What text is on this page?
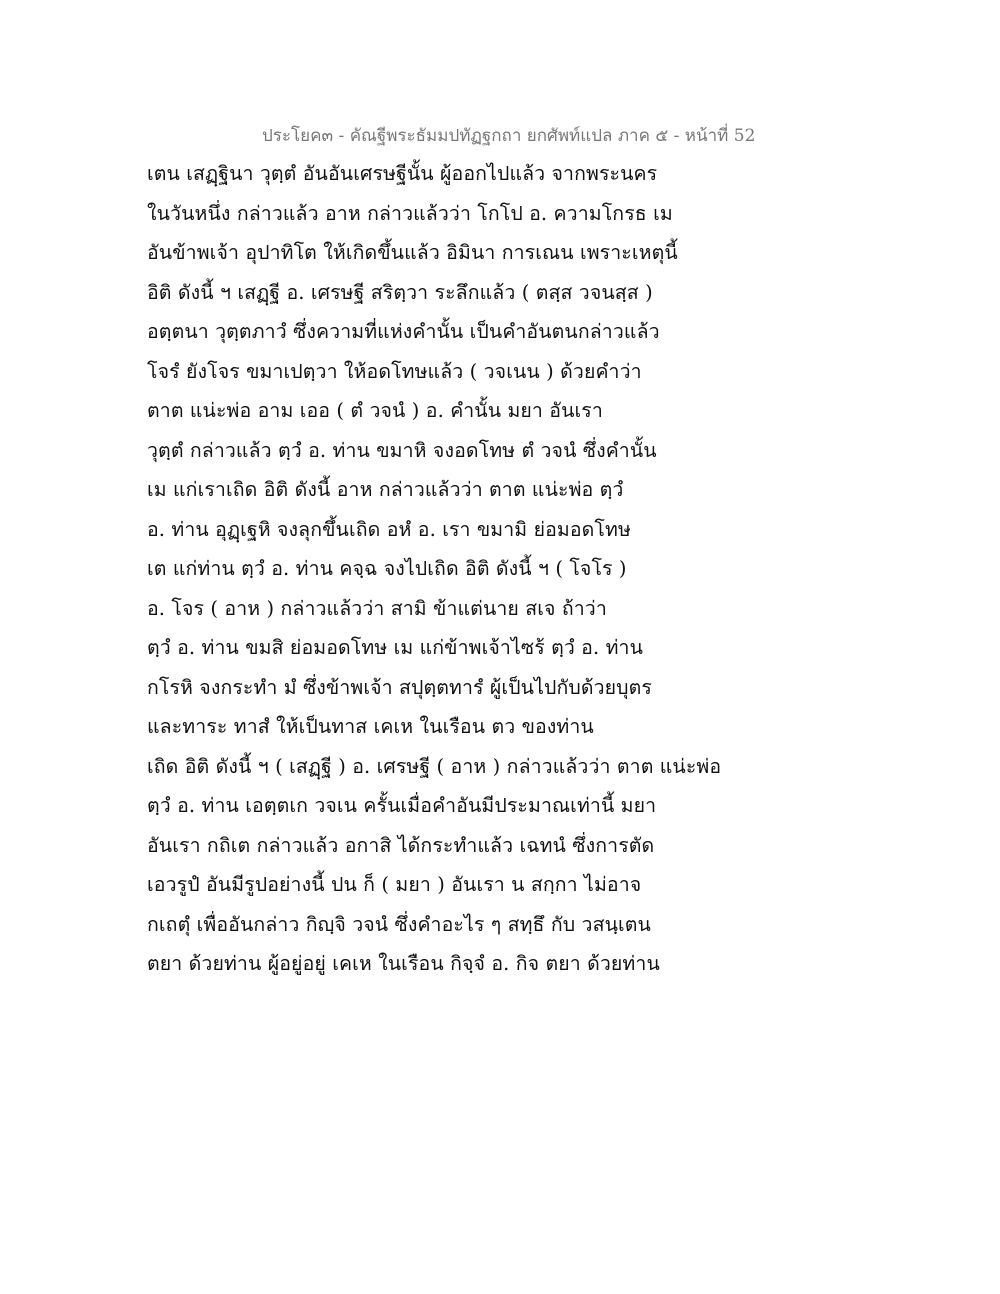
ประโยค๓ - คัณฐีพระธัมมปทัฏฐกถา ยกศัพท์แปล ภาค ๕ - หน้าที่ 52
เตน เสฏฺฐินา วุตฺตํ อันอันเศรษฐีนั้น ผู้ออกไปแล้ว จากพระนคร
ในวันหนึ่ง กล่าวแล้ว อาห กล่าวแล้วว่า โกโป อ. ความโกรธ เม
อันข้าพเจ้า อุปาทิโต ให้เกิดขึ้นแล้ว อิมินา การเณน เพราะเหตุนี้
อิติ ดังนี้ ฯ เสฏฺฐี อ. เศรษฐี สริตฺวา ระลึกแล้ว ( ตสฺส วจนสฺส )
อตฺตนา วุตฺตภาวํ ซึ่งความที่แห่งคำนั้น เป็นคำอันตนกล่าวแล้ว
โจรํ ยังโจร ขมาเปตฺวา ให้อดโทษแล้ว ( วจเนน ) ด้วยคำว่า
ตาต แน่ะพ่อ อาม เออ ( ตํ วจนํ ) อ. คำนั้น มยา อันเรา
วุตฺตํ กล่าวแล้ว ตฺวํ อ. ท่าน ขมาหิ จงอดโทษ ตํ วจนํ ซึ่งคำนั้น
เม แก่เราเถิด อิติ ดังนี้ อาห กล่าวแล้วว่า ตาต แน่ะพ่อ ตฺวํ
อ. ท่าน อุฏฺเฐหิ จงลุกขึ้นเถิด อหํ อ. เรา ขมามิ ย่อมอดโทษ
เต แก่ท่าน ตฺวํ อ. ท่าน คจฺฉ จงไปเถิด อิติ ดังนี้ ฯ ( โจโร )
อ. โจร ( อาห ) กล่าวแล้วว่า สามิ ข้าแต่นาย สเจ ถ้าว่า
ตฺวํ อ. ท่าน ขมสิ ย่อมอดโทษ เม แก่ข้าพเจ้าไซร้ ตฺวํ อ. ท่าน
กโรหิ จงกระทำ มํ ซึ่งข้าพเจ้า สปุตฺตทารํ ผู้เป็นไปกับด้วยบุตร
และทาระ ทาสํ ให้เป็นทาส เคเห ในเรือน ตว ของท่าน
เถิด อิติ ดังนี้ ฯ ( เสฏฺฐี ) อ. เศรษฐี ( อาห ) กล่าวแล้วว่า ตาต แน่ะพ่อ
ตฺวํ อ. ท่าน เอตฺตเก วจเน ครั้นเมื่อคำอันมีประมาณเท่านี้ มยา
อันเรา กถิเต กล่าวแล้ว อกาสิ ได้กระทำแล้ว เฉทนํ ซึ่งการตัด
เอวรูปํ อันมีรูปอย่างนี้ ปน ก็ ( มยา ) อันเรา น สกฺกา ไม่อาจ
กเถตุํ เพื่ออันกล่าว กิญฺจิ วจนํ ซึ่งคำอะไร ๆ สทฺธึ กับ วสนฺเตน
ตยา ด้วยท่าน ผู้อยู่อยู่ เคเห ในเรือน กิจฺจํ อ. กิจ ตยา ด้วยท่าน
